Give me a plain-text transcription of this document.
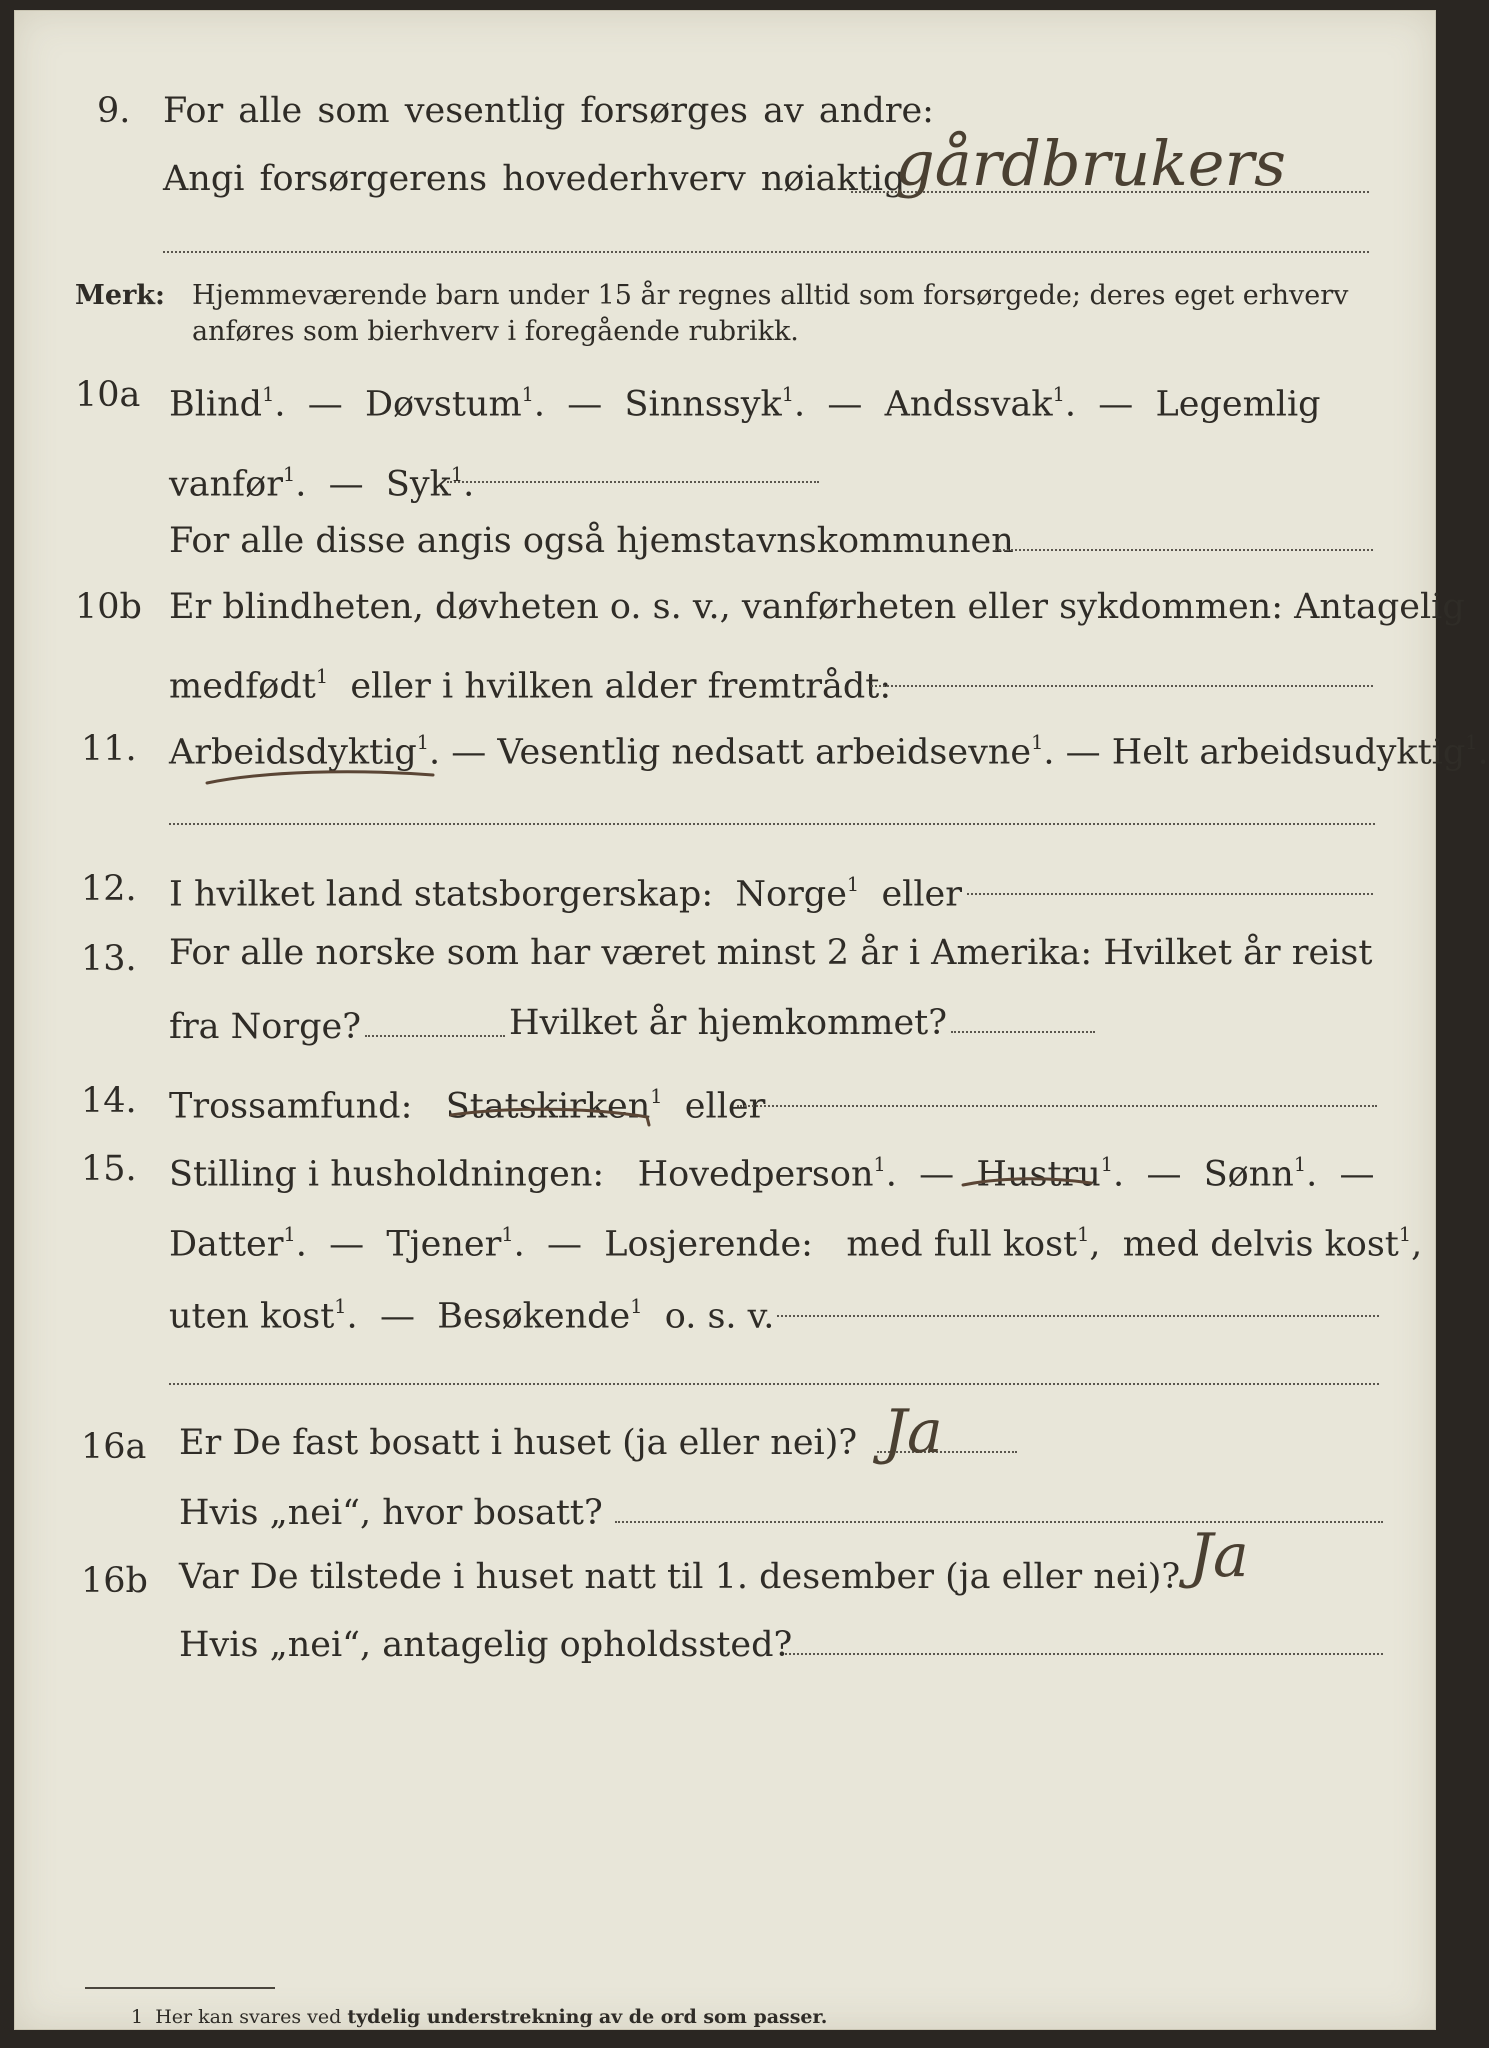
9. For alle som vesentlig forsørges av andre:
Angi forsørgerens hovederhverv nøiaktig
gårdbrukers
Merk: Hjemmeværende barn under 15 år regnes alltid som forsørgede; deres eget erhverv
anføres som bierhverv i foregående rubrikk.
10a Blind$^1$.  — Døvstum$^1$.  — Sinnssyk$^1$.  — Andssvak$^1$.  — Legemlig
vanfør$^1$.  — Syk$^1$.
For alle disse angis også hjemstavnskommunen
10b Er blindheten, døvheten o. s. v., vanførheten eller sykdommen: Antagelig
medfødt$^1$ eller i hvilken alder fremtrådt:
11. Arbeidsdyktig$^1$. — Vesentlig nedsatt arbeidsevne$^1$. — Helt arbeidsudyktig$^1$.
12. I hvilket land statsborgerskap: Norge$^1$ eller
13. For alle norske som har været minst 2 år i Amerika: Hvilket år reist
fra Norge?	Hvilket år hjemkommet?
14. Trossamfund: Statskirken$^1$ eller
15. Stilling i husholdningen: Hovedperson$^1$.  — Hustru$^1$.  — Sønn$^1$.  —
Datter$^1$.  — Tjener$^1$.  — Losjerende: med full kost$^1$,  med delvis kost$^1$,
uten kost$^1$.  — Besøkende$^1$ o. s. v.
16a Er De fast bosatt i huset (ja eller nei)? Ja
Hvis „nei“, hvor bosatt?
16b Var De tilstede i huset natt til 1. desember (ja eller nei)? Ja
Hvis „nei“, antagelig opholdssted?
1 Her kan svares ved tydelig understrekning av de ord som passer.
